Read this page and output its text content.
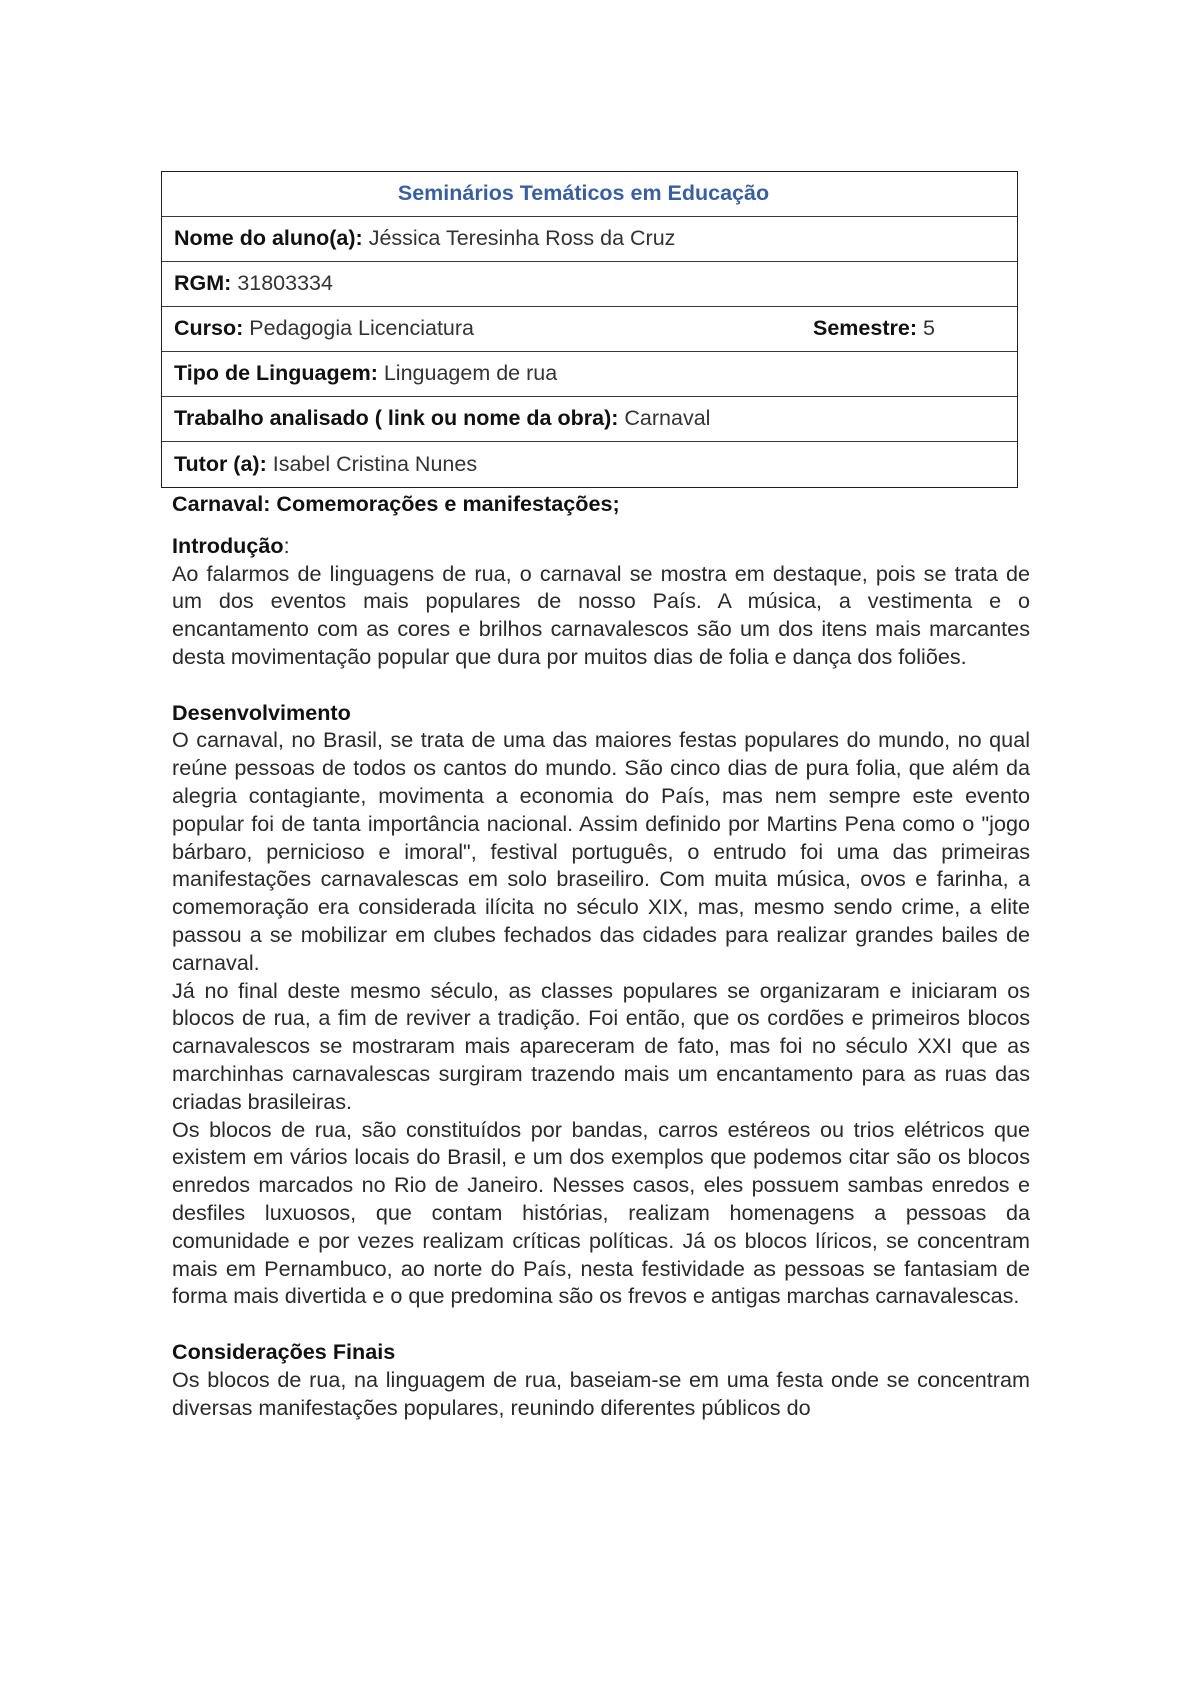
Seminários Temáticos em Educação
Nome do aluno(a):
Jéssica Teresinha Ross da Cruz
RGM:
31803334
Curso:
Pedagogia Licenciatura	Semestre: 5
Tipo de Linguagem:
Linguagem de rua
Trabalho analisado ( link ou nome da obra):
Carnaval
Tutor (a):
Isabel Cristina Nunes

Carnaval: Comemorações e manifestações;

Introdução:

Ao falarmos de linguagens de rua, o carnaval se mostra em destaque, pois se trata de um dos eventos mais populares de nosso País. A música, a vestimenta e o encantamento com as cores e brilhos carnavalescos são um dos itens mais marcantes desta movimentação popular que dura por muitos dias de folia e dança dos foliões.

Desenvolvimento

O carnaval, no Brasil, se trata de uma das maiores festas populares do mundo, no qual reúne pessoas de todos os cantos do mundo. São cinco dias de pura folia, que além da alegria contagiante, movimenta a economia do País, mas nem sempre este evento popular foi de tanta importância nacional. Assim definido por Martins Pena como o "jogo bárbaro, pernicioso e imoral", festival português, o entrudo foi uma das primeiras manifestações carnavalescas em solo braseiliro. Com muita música, ovos e farinha, a comemoração era considerada ilícita no século XIX, mas, mesmo sendo crime, a elite passou a se mobilizar em clubes fechados das cidades para realizar grandes bailes de carnaval.

Já no final deste mesmo século, as classes populares se organizaram e iniciaram os blocos de rua, a fim de reviver a tradição. Foi então, que os cordões e primeiros blocos carnavalescos se mostraram mais apareceram de fato, mas foi no século XXI que as marchinhas carnavalescas surgiram trazendo mais um encantamento para as ruas das criadas brasileiras.

Os blocos de rua, são constituídos por bandas, carros estéreos ou trios elétricos que existem em vários locais do Brasil, e um dos exemplos que podemos citar são os blocos enredos marcados no Rio de Janeiro. Nesses casos, eles possuem sambas enredos e desfiles luxuosos, que contam histórias, realizam homenagens a pessoas da comunidade e por vezes realizam críticas políticas. Já os blocos líricos, se concentram mais em Pernambuco, ao norte do País, nesta festividade as pessoas se fantasiam de forma mais divertida e o que predomina são os frevos e antigas marchas carnavalescas.

Considerações Finais

Os blocos de rua, na linguagem de rua, baseiam-se em uma festa onde se concentram diversas manifestações populares, reunindo diferentes públicos do
